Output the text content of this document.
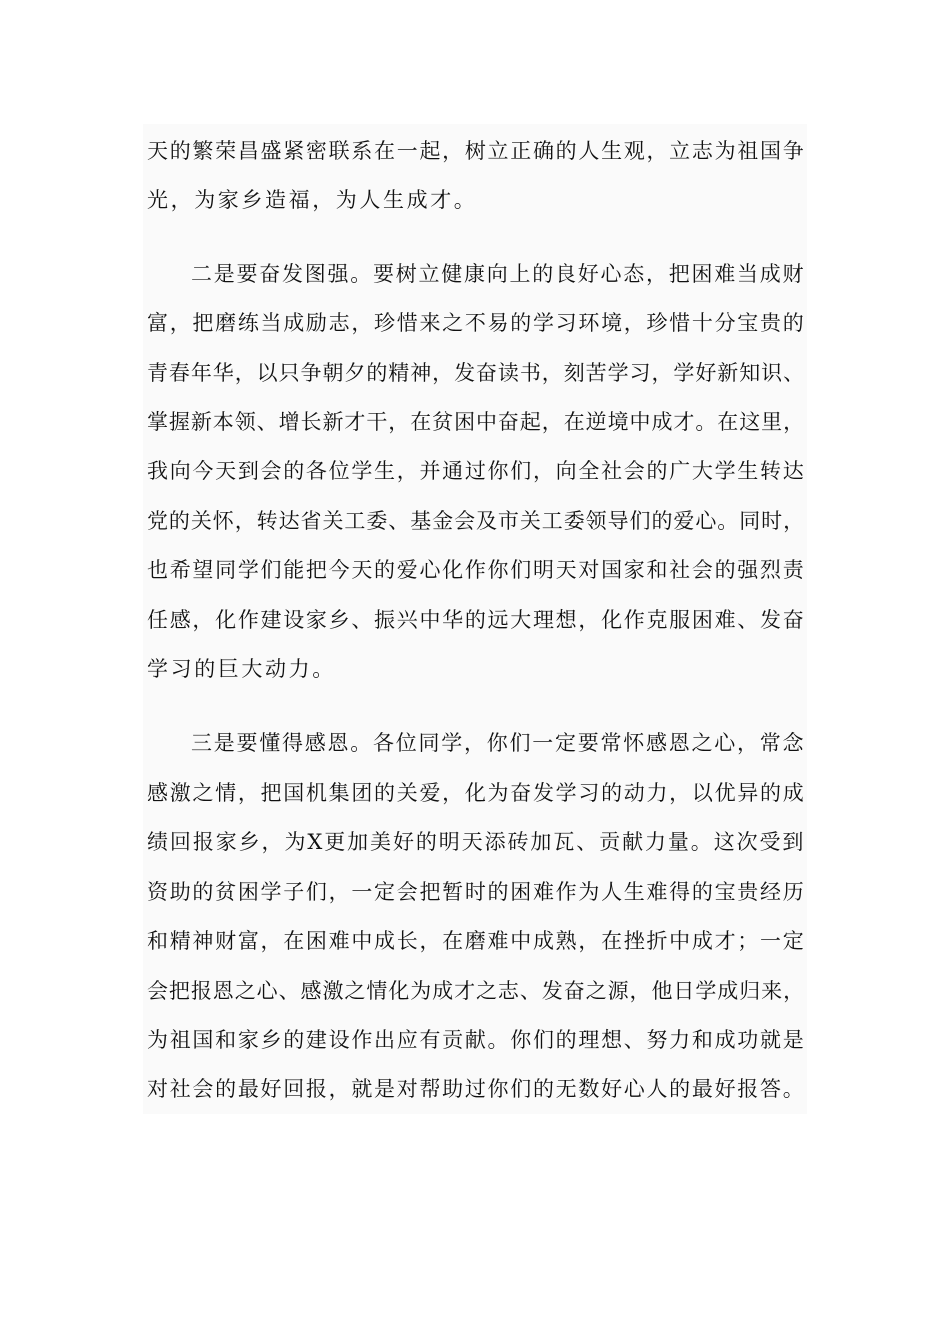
天的繁荣昌盛紧密联系在一起，树立正确的人生观，立志为祖国争
光，为家乡造福，为人生成才。
二是要奋发图强。要树立健康向上的良好心态，把困难当成财
富，把磨练当成励志，珍惜来之不易的学习环境，珍惜十分宝贵的
青春年华，以只争朝夕的精神，发奋读书，刻苦学习，学好新知识、
掌握新本领、增长新才干，在贫困中奋起，在逆境中成才。在这里，
我向今天到会的各位学生，并通过你们，向全社会的广大学生转达
党的关怀，转达省关工委、基金会及市关工委领导们的爱心。同时，
也希望同学们能把今天的爱心化作你们明天对国家和社会的强烈责
任感，化作建设家乡、振兴中华的远大理想，化作克服困难、发奋
学习的巨大动力。
三是要懂得感恩。各位同学，你们一定要常怀感恩之心，常念
感激之情，把国机集团的关爱，化为奋发学习的动力，以优异的成
绩回报家乡，为X更加美好的明天添砖加瓦、贡献力量。这次受到
资助的贫困学子们，一定会把暂时的困难作为人生难得的宝贵经历
和精神财富，在困难中成长，在磨难中成熟，在挫折中成才；一定
会把报恩之心、感激之情化为成才之志、发奋之源，他日学成归来，
为祖国和家乡的建设作出应有贡献。你们的理想、努力和成功就是
对社会的最好回报，就是对帮助过你们的无数好心人的最好报答。
